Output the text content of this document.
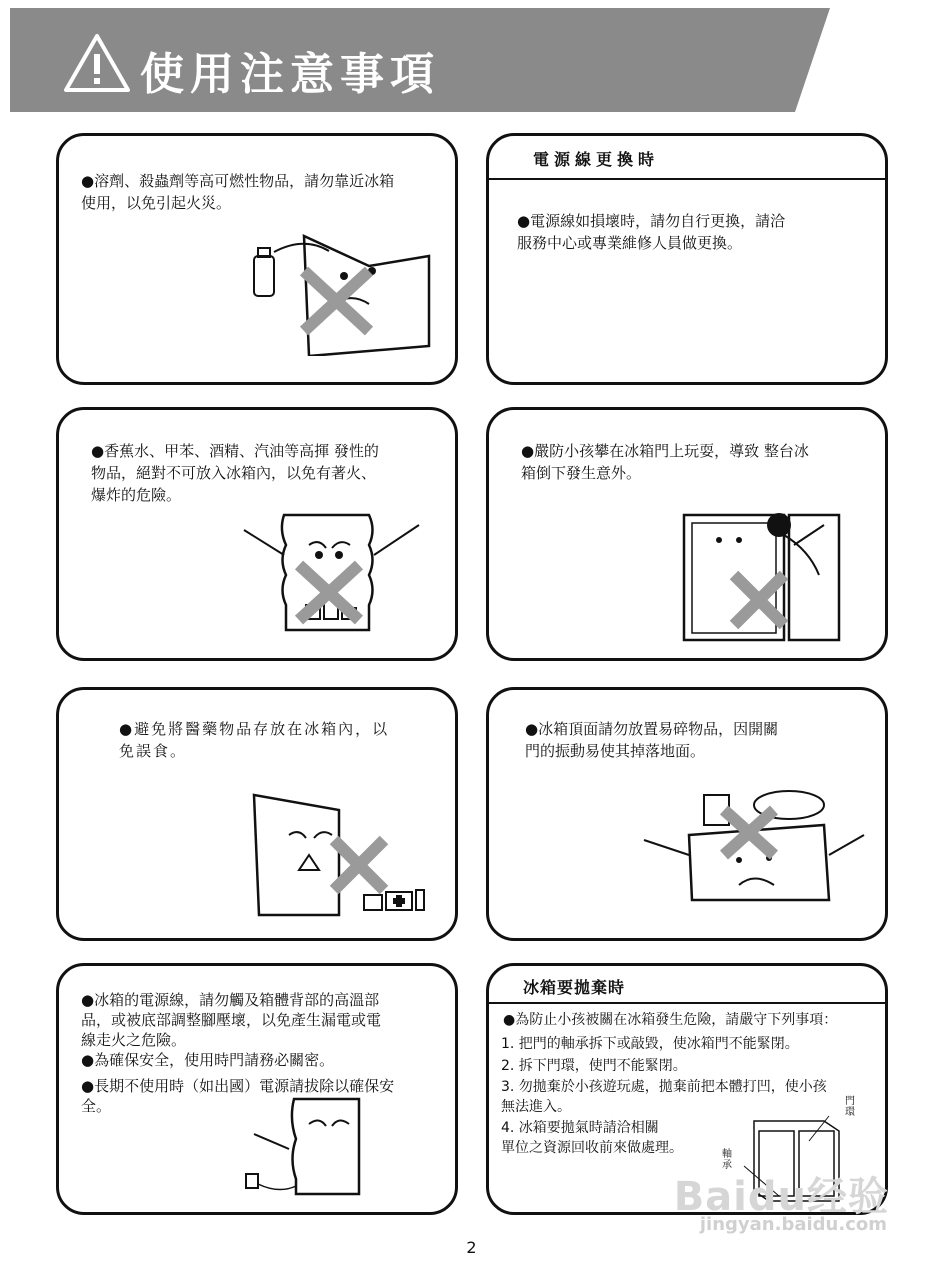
使用注意事項
●溶劑、殺蟲劑等高可燃性物品，請勿靠近冰箱
使用，以免引起火災。
電源線更換時
●電源線如損壞時，請勿自行更換，請洽
服務中心或專業維修人員做更換。
●香蕉水、甲苯、酒精、汽油等高揮 發性的
物品，絕對不可放入冰箱內，以免有著火、
爆炸的危險。
●嚴防小孩攀在冰箱門上玩耍，導致 整台冰
箱倒下發生意外。
●避免將醫藥物品存放在冰箱內，以
免誤食。
●冰箱頂面請勿放置易碎物品，因開關
門的振動易使其掉落地面。
●冰箱的電源線，請勿觸及箱體背部的高溫部
品，或被底部調整腳壓壞，以免產生漏電或電
線走火之危險。
●為確保安全，使用時門請務必關密。
●長期不使用時（如出國）電源請拔除以確保安
全。
冰箱要拋棄時
●為防止小孩被關在冰箱發生危險，請嚴守下列事項：
1. 把門的軸承拆下或敲毀，使冰箱門不能緊閉。
2. 拆下門環，使門不能緊閉。
3. 勿拋棄於小孩遊玩處，拋棄前把本體打凹，使小孩
無法進入。
4. 冰箱要拋氣時請洽相關
單位之資源回收前來做處理。
門
環
軸
承
Baidu经验
jingyan.baidu.com
2
